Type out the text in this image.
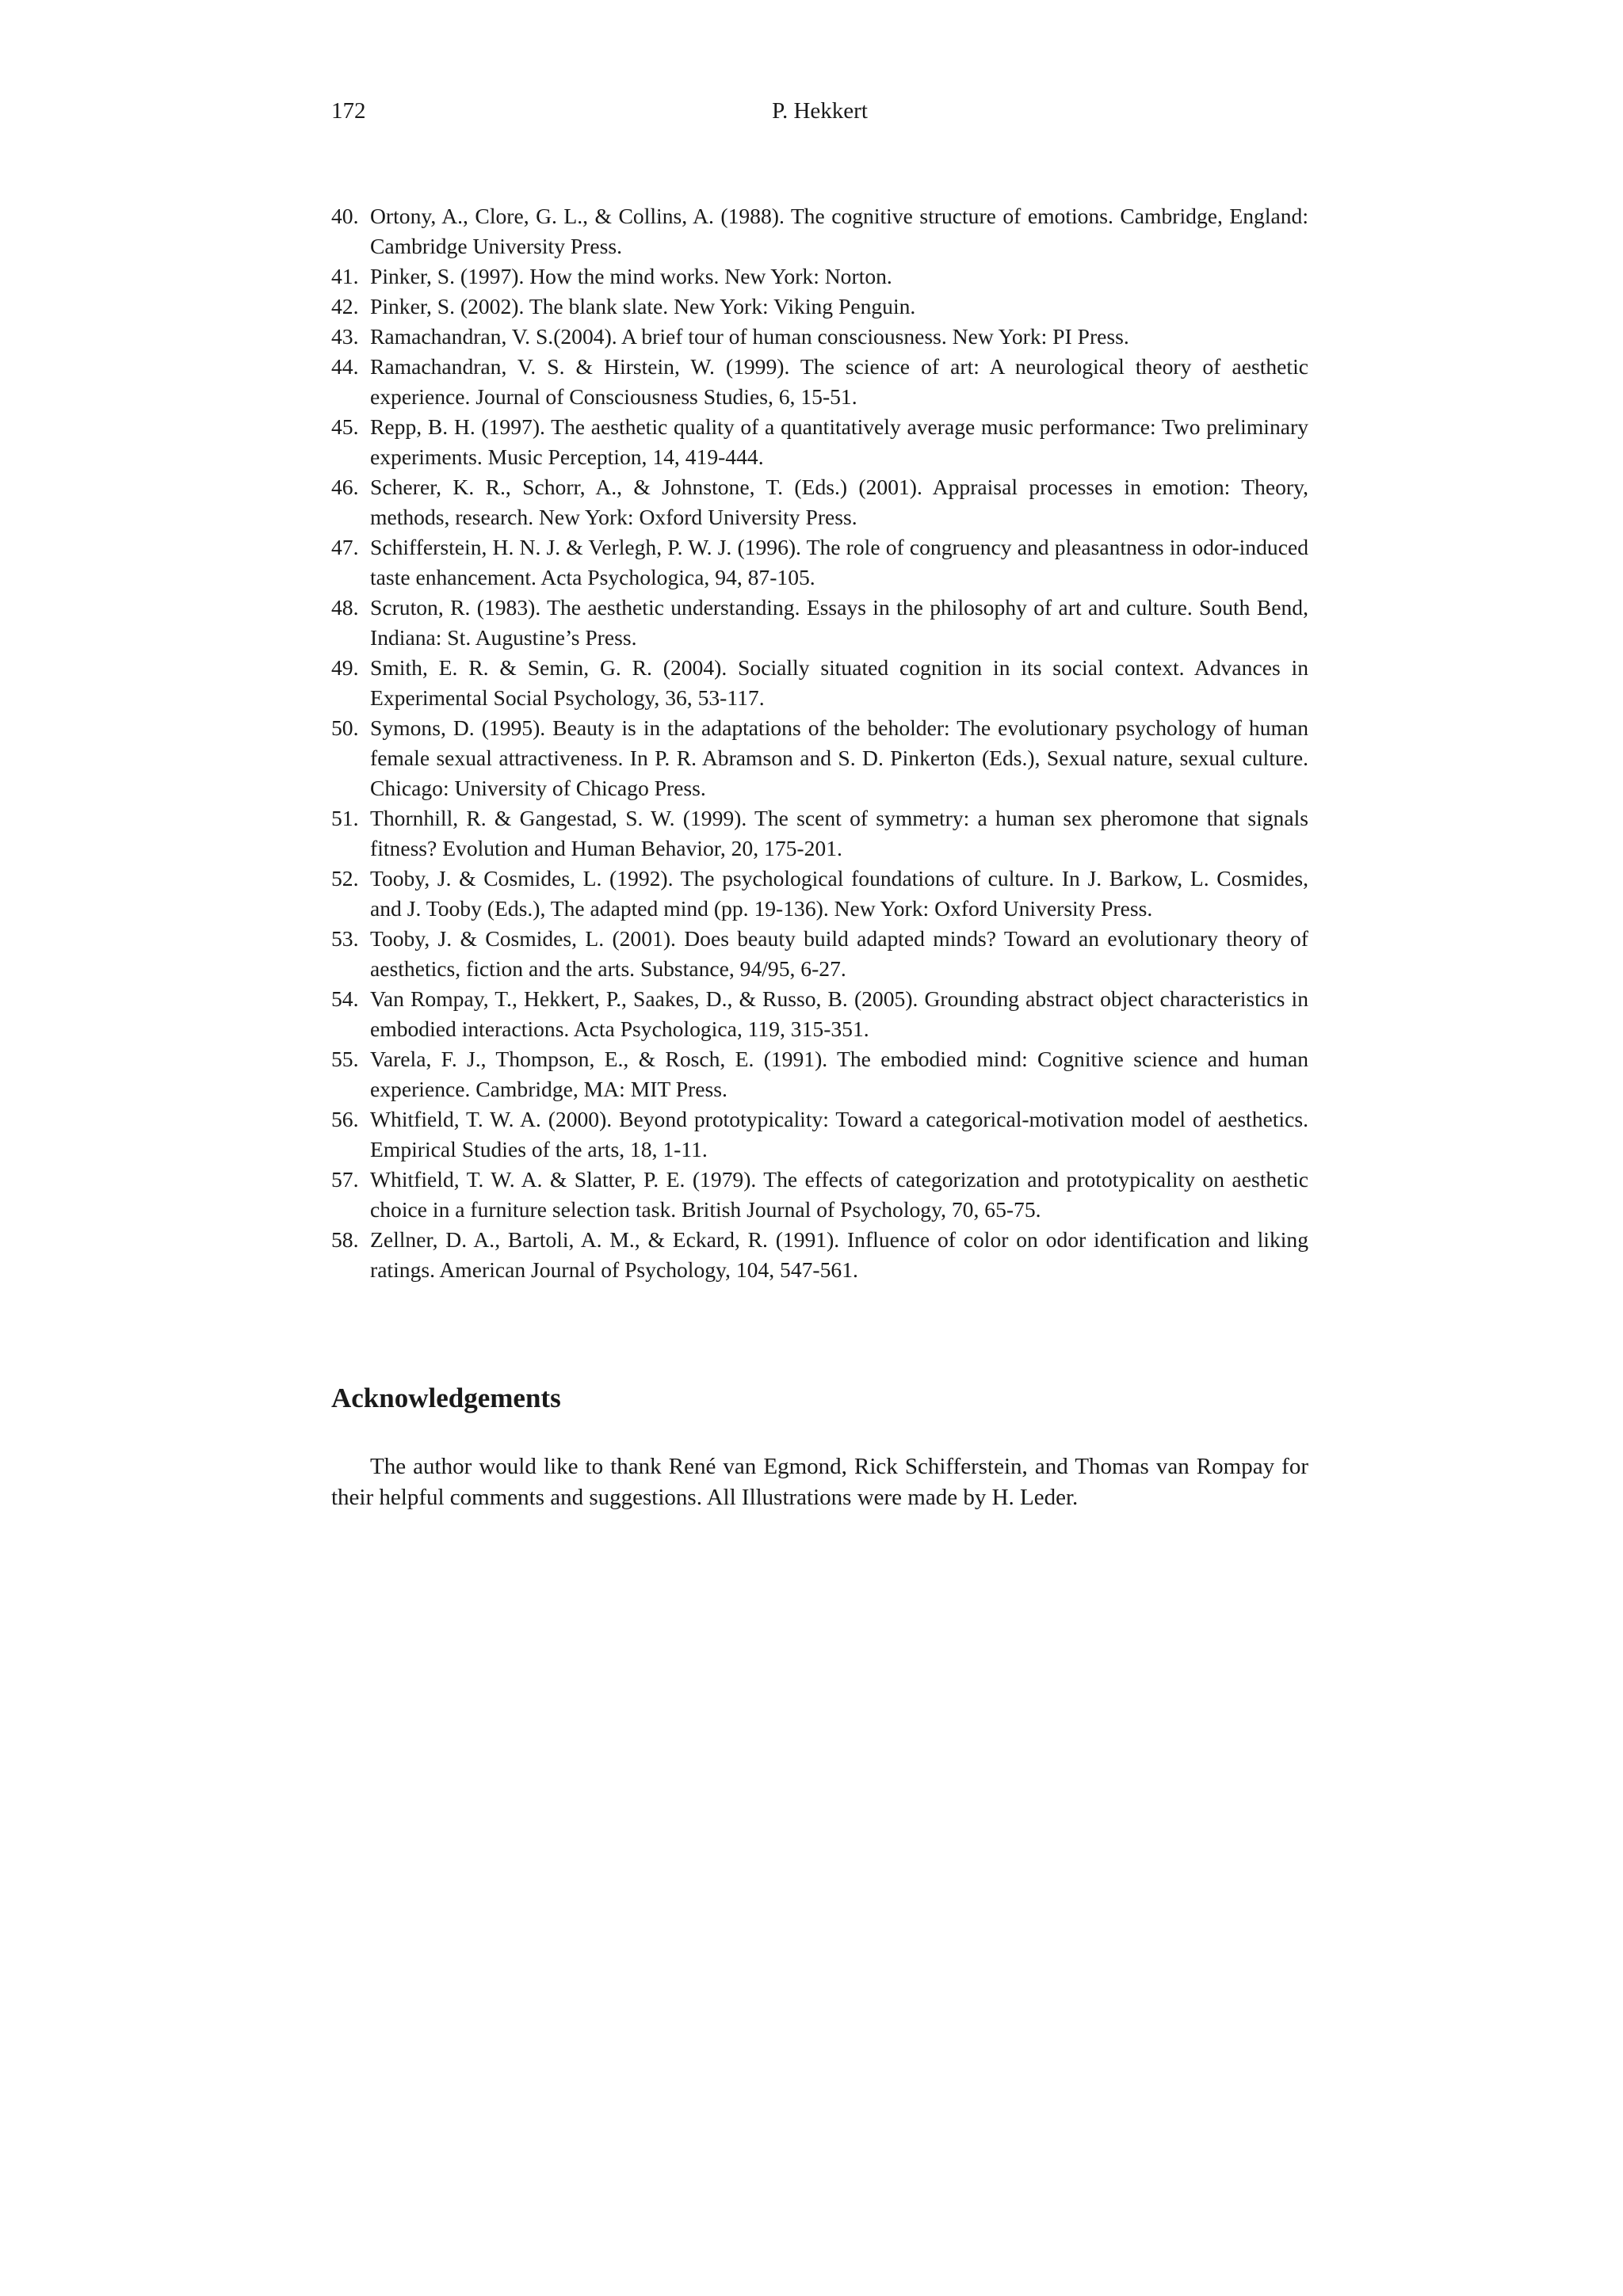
172	P. Hekkert
40. Ortony, A., Clore, G. L., & Collins, A. (1988). The cognitive structure of emotions. Cambridge, England: Cambridge University Press.
41. Pinker, S. (1997). How the mind works. New York: Norton.
42. Pinker, S. (2002). The blank slate. New York: Viking Penguin.
43. Ramachandran, V. S.(2004). A brief tour of human consciousness. New York: PI Press.
44. Ramachandran, V. S. & Hirstein, W. (1999). The science of art: A neurological theory of aesthetic experience. Journal of Consciousness Studies, 6, 15-51.
45. Repp, B. H. (1997). The aesthetic quality of a quantitatively average music performance: Two preliminary experiments. Music Perception, 14, 419-444.
46. Scherer, K. R., Schorr, A., & Johnstone, T. (Eds.) (2001). Appraisal processes in emotion: Theory, methods, research. New York: Oxford University Press.
47. Schifferstein, H. N. J. & Verlegh, P. W. J. (1996). The role of congruency and pleasantness in odor-induced taste enhancement. Acta Psychologica, 94, 87-105.
48. Scruton, R. (1983). The aesthetic understanding. Essays in the philosophy of art and culture. South Bend, Indiana: St. Augustine’s Press.
49. Smith, E. R. & Semin, G. R. (2004). Socially situated cognition in its social context. Advances in Experimental Social Psychology, 36, 53-117.
50. Symons, D. (1995). Beauty is in the adaptations of the beholder: The evolutionary psychology of human female sexual attractiveness. In P. R. Abramson and S. D. Pinkerton (Eds.), Sexual nature, sexual culture. Chicago: University of Chicago Press.
51. Thornhill, R. & Gangestad, S. W. (1999). The scent of symmetry: a human sex pheromone that signals fitness? Evolution and Human Behavior, 20, 175-201.
52. Tooby, J. & Cosmides, L. (1992). The psychological foundations of culture. In J. Barkow, L. Cosmides, and J. Tooby (Eds.), The adapted mind (pp. 19-136). New York: Oxford University Press.
53. Tooby, J. & Cosmides, L. (2001). Does beauty build adapted minds? Toward an evolutionary theory of aesthetics, fiction and the arts. Substance, 94/95, 6-27.
54. Van Rompay, T., Hekkert, P., Saakes, D., & Russo, B. (2005). Grounding abstract object characteristics in embodied interactions. Acta Psychologica, 119, 315-351.
55. Varela, F. J., Thompson, E., & Rosch, E. (1991). The embodied mind: Cognitive science and human experience. Cambridge, MA: MIT Press.
56. Whitfield, T. W. A. (2000). Beyond prototypicality: Toward a categorical-motivation model of aesthetics. Empirical Studies of the arts, 18, 1-11.
57. Whitfield, T. W. A. & Slatter, P. E. (1979). The effects of categorization and prototypicality on aesthetic choice in a furniture selection task. British Journal of Psychology, 70, 65-75.
58. Zellner, D. A., Bartoli, A. M., & Eckard, R. (1991). Influence of color on odor identification and liking ratings. American Journal of Psychology, 104, 547-561.
Acknowledgements

The author would like to thank René van Egmond, Rick Schifferstein, and Thomas van Rompay for their helpful comments and suggestions. All Illustrations were made by H. Leder.
